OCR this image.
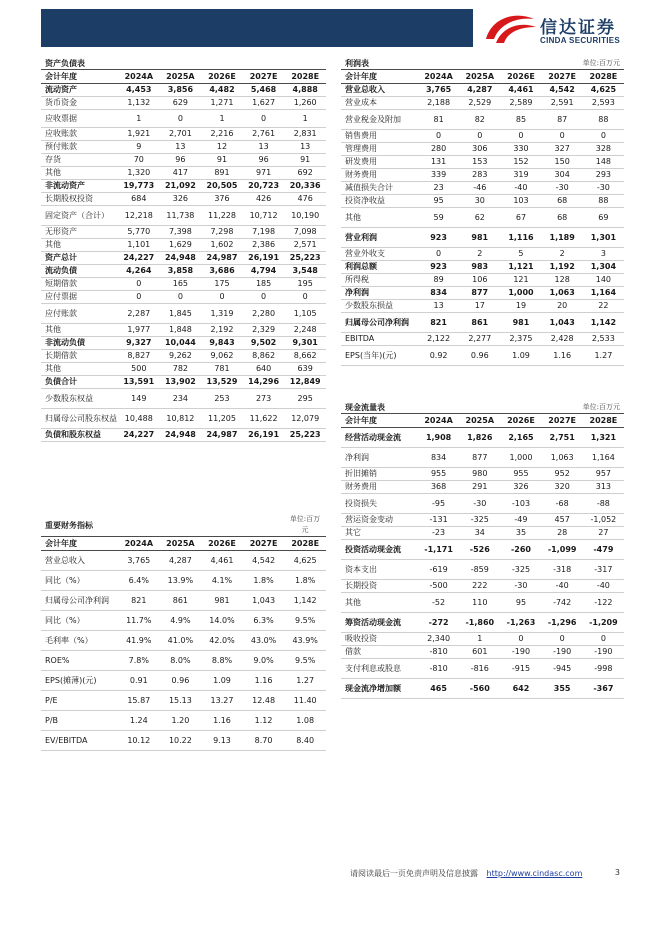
信达证券
CINDA SECURITIES
资产负债表
会计年度	2024A	2025A	2026E	2027E	2028E
流动资产	4,453	3,856	4,482	5,468	4,888
货币资金	1,132	629	1,271	1,627	1,260
应收票据	1	0	1	0	1
应收账款	1,921	2,701	2,216	2,761	2,831
预付账款	9	13	12	13	13
存货	70	96	91	96	91
其他	1,320	417	891	971	692
非流动资产	19,773	21,092	20,505	20,723	20,336
长期股权投资	684	326	376	426	476
固定资产（合计）	12,218	11,738	11,228	10,712	10,190
无形资产	5,770	7,398	7,298	7,198	7,098
其他	1,101	1,629	1,602	2,386	2,571
资产总计	24,227	24,948	24,987	26,191	25,223
流动负债	4,264	3,858	3,686	4,794	3,548
短期借款	0	165	175	185	195
应付票据	0	0	0	0	0
应付账款	2,287	1,845	1,319	2,280	1,105
其他	1,977	1,848	2,192	2,329	2,248
非流动负债	9,327	10,044	9,843	9,502	9,301
长期借款	8,827	9,262	9,062	8,862	8,662
其他	500	782	781	640	639
负债合计	13,591	13,902	13,529	14,296	12,849
少数股东权益	149	234	253	273	295
归属母公司股东权益	10,488	10,812	11,205	11,622	12,079
负债和股东权益	24,227	24,948	24,987	26,191	25,223
重要财务指标
单位:百万元
会计年度	2024A	2025A	2026E	2027E	2028E
营业总收入	3,765	4,287	4,461	4,542	4,625
同比（%）	6.4%	13.9%	4.1%	1.8%	1.8%
归属母公司净利润	821	861	981	1,043	1,142
同比（%）	11.7%	4.9%	14.0%	6.3%	9.5%
毛利率（%）	41.9%	41.0%	42.0%	43.0%	43.9%
ROE%	7.8%	8.0%	8.8%	9.0%	9.5%
EPS(摊薄)(元)	0.91	0.96	1.09	1.16	1.27
P/E	15.87	15.13	13.27	12.48	11.40
P/B	1.24	1.20	1.16	1.12	1.08
EV/EBITDA	10.12	10.22	9.13	8.70	8.40
利润表	单位:百万元
会计年度	2024A	2025A	2026E	2027E	2028E
营业总收入	3,765	4,287	4,461	4,542	4,625
营业成本	2,188	2,529	2,589	2,591	2,593
营业税金及附加	81	82	85	87	88
销售费用	0	0	0	0	0
管理费用	280	306	330	327	328
研发费用	131	153	152	150	148
财务费用	339	283	319	304	293
减值损失合计	23	-46	-40	-30	-30
投资净收益	95	30	103	68	88
其他	59	62	67	68	69
营业利润	923	981	1,116	1,189	1,301
营业外收支	0	2	5	2	3
利润总额	923	983	1,121	1,192	1,304
所得税	89	106	121	128	140
净利润	834	877	1,000	1,063	1,164
少数股东损益	13	17	19	20	22
归属母公司净利润	821	861	981	1,043	1,142
EBITDA	2,122	2,277	2,375	2,428	2,533
EPS(当年)(元)	0.92	0.96	1.09	1.16	1.27
现金流量表	单位:百万元
会计年度	2024A	2025A	2026E	2027E	2028E
经营活动现金流	1,908	1,826	2,165	2,751	1,321
净利润	834	877	1,000	1,063	1,164
折旧摊销	955	980	955	952	957
财务费用	368	291	326	320	313
投资损失	-95	-30	-103	-68	-88
营运资金变动	-131	-325	-49	457	-1,052
其它	-23	34	35	28	27
投资活动现金流	-1,171	-526	-260	-1,099	-479
资本支出	-619	-859	-325	-318	-317
长期投资	-500	222	-30	-40	-40
其他	-52	110	95	-742	-122
筹资活动现金流	-272	-1,860	-1,263	-1,296	-1,209
吸收投资	2,340	1	0	0	0
借款	-810	601	-190	-190	-190
支付利息或股息	-810	-816	-915	-945	-998
现金流净增加额	465	-560	642	355	-367
请阅读最后一页免责声明及信息披露 http://www.cindasc.com	3
